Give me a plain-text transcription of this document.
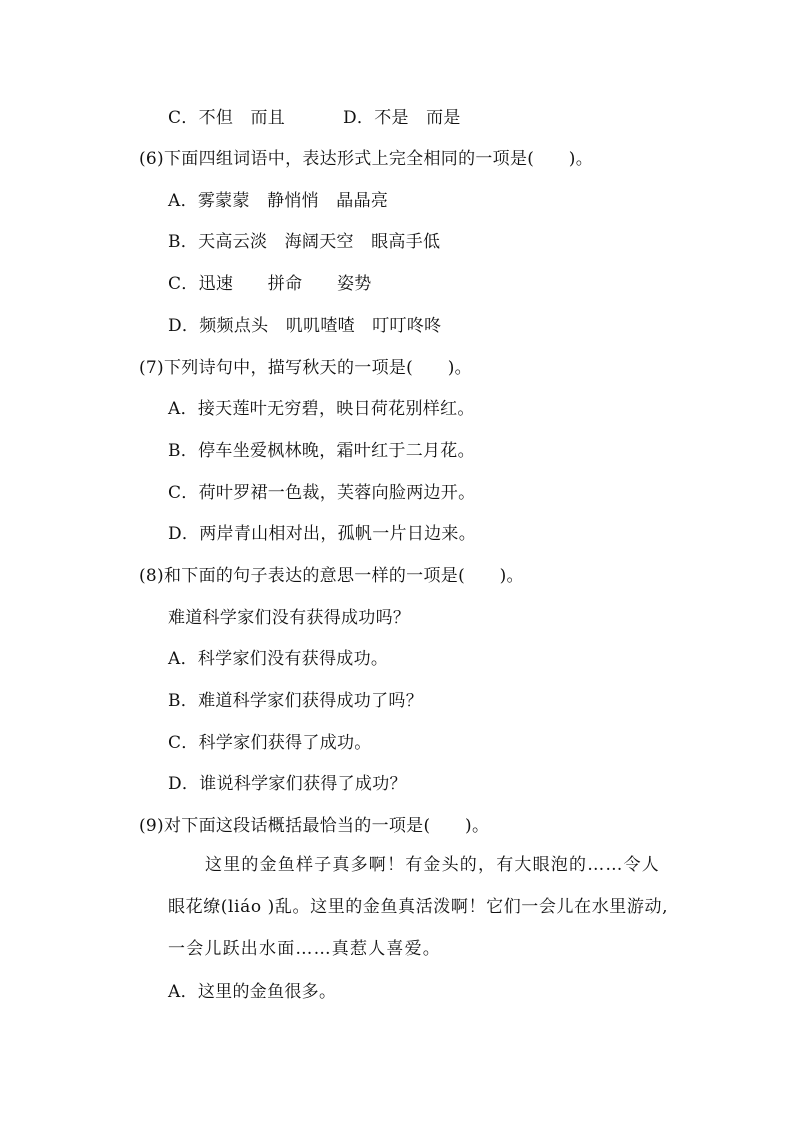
C．不但　而且	D．不是　而是
(6)下面四组词语中，表达形式上完全相同的一项是(　　)。
A．雾蒙蒙　静悄悄　晶晶亮
B．天高云淡　海阔天空　眼高手低
C．迅速　　拼命　　姿势
D．频频点头　叽叽喳喳　叮叮咚咚
(7)下列诗句中，描写秋天的一项是(　　)。
A．接天莲叶无穷碧，映日荷花别样红。
B．停车坐爱枫林晚，霜叶红于二月花。
C．荷叶罗裙一色裁，芙蓉向脸两边开。
D．两岸青山相对出，孤帆一片日边来。
(8)和下面的句子表达的意思一样的一项是(　　)。
难道科学家们没有获得成功吗？
A．科学家们没有获得成功。
B．难道科学家们获得成功了吗？
C．科学家们获得了成功。
D．谁说科学家们获得了成功？
(9)对下面这段话概括最恰当的一项是(　　)。
这里的金鱼样子真多啊！有金头的，有大眼泡的……令人
眼花缭(liáo )乱。这里的金鱼真活泼啊！它们一会儿在水里游动,
一会儿跃出水面……真惹人喜爱。
A．这里的金鱼很多。
